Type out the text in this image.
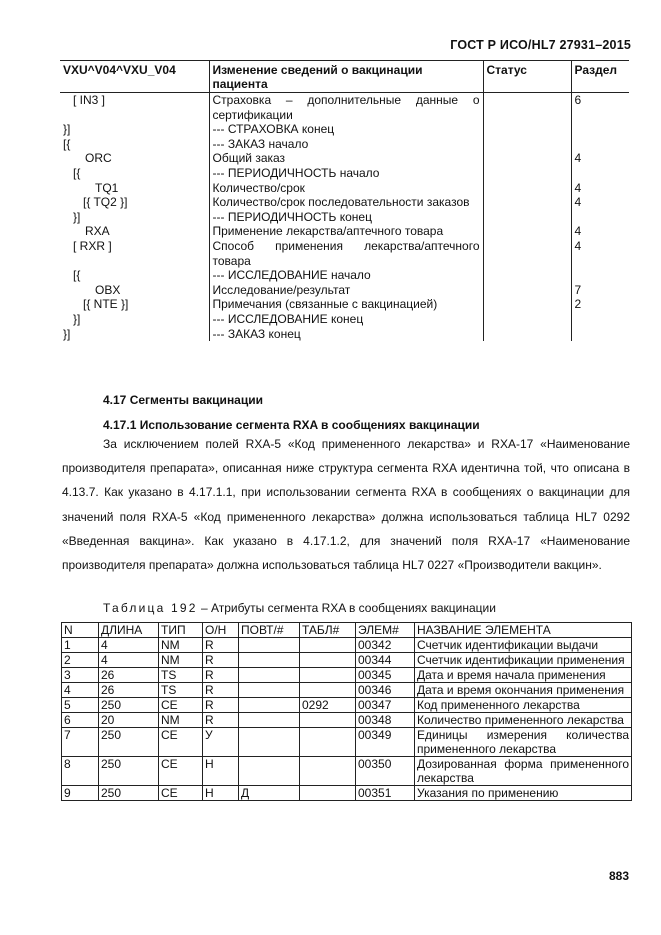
ГОСТ Р ИСО/HL7 27931–2015
VXU^V04^VXU_V04	Изменение сведений о вакцинации пациента	Статус	Раздел
[ IN3 ]	Страховка – дополнительные данные о сертификации		6
}]	--- СТРАХОВКА конец		
[{	--- ЗАКАЗ начало		
ORC	Общий заказ		4
[{	--- ПЕРИОДИЧНОСТЬ начало		
TQ1	Количество/срок		4
[{ TQ2 }]	Количество/срок последовательности заказов		4
}]	--- ПЕРИОДИЧНОСТЬ конец		
RXA	Применение лекарства/аптечного товара		4
[ RXR ]	Способ применения лекарства/аптечного товара		4
[{	--- ИССЛЕДОВАНИЕ начало		
OBX	Исследование/результат		7
[{ NTE }]	Примечания (связанные с вакцинацией)		2
}]	--- ИССЛЕДОВАНИЕ конец		
}]	--- ЗАКАЗ конец		
4.17 Сегменты вакцинации
4.17.1 Использование сегмента RXA в сообщениях вакцинации
За исключением полей RXA-5 «Код примененного лекарства» и RXA-17 «Наименование производителя препарата», описанная ниже структура сегмента RXA идентична той, что описана в 4.13.7. Как указано в 4.17.1.1, при использовании сегмента RXA в сообщениях о вакцинации для значений поля RXA-5 «Код примененного лекарства» должна использоваться таблица HL7 0292 «Введенная вакцина». Как указано в 4.17.1.2, для значений поля RXA-17 «Наименование производителя препарата» должна использоваться таблица HL7 0227 «Производители вакцин».
Таблица 192 – Атрибуты сегмента RXA в сообщениях вакцинации
N	ДЛИНА	ТИП	О/Н	ПОВТ/#	ТАБЛ#	ЭЛЕМ#	НАЗВАНИЕ ЭЛЕМЕНТА
1	4	NM	R			00342	Счетчик идентификации выдачи
2	4	NM	R			00344	Счетчик идентификации применения
3	26	TS	R			00345	Дата и время начала применения
4	26	TS	R			00346	Дата и время окончания применения
5	250	CE	R		0292	00347	Код примененного лекарства
6	20	NM	R			00348	Количество примененного лекарства
7	250	CE	У			00349	Единицы измерения количества примененного лекарства
8	250	CE	Н			00350	Дозированная форма примененного лекарства
9	250	CE	Н	Д		00351	Указания по применению
883
